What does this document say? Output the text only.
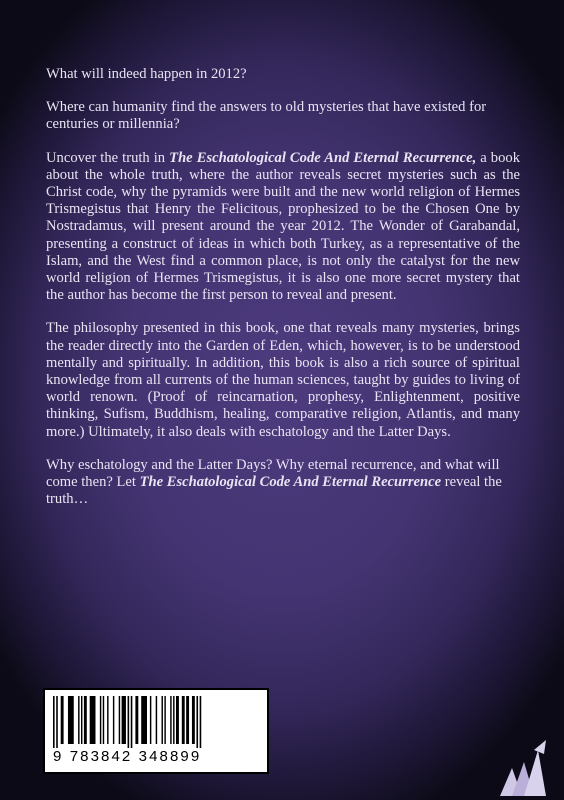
What will indeed happen in 2012?

Where can humanity find the answers to old mysteries that have existed for centuries or millennia?

Uncover the truth in The Eschatological Code And Eternal Recurrence, a book about the whole truth, where the author reveals secret mysteries such as the Christ code, why the pyramids were built and the new world religion of Hermes Trismegistus that Henry the Felicitous, prophesized to be the Chosen One by Nostradamus, will present around the year 2012. The Wonder of Garabandal, presenting a construct of ideas in which both Turkey, as a representative of the Islam, and the West find a common place, is not only the catalyst for the new world religion of Hermes Trismegistus, it is also one more secret mystery that the author has become the first person to reveal and present.

The philosophy presented in this book, one that reveals many mysteries, brings the reader directly into the Garden of Eden, which, however, is to be understood mentally and spiritually. In addition, this book is also a rich source of spiritual knowledge from all currents of the human sciences, taught by guides to living of world renown. (Proof of reincarnation, prophesy, Enlightenment, positive thinking, Sufism, Buddhism, healing, comparative religion, Atlantis, and many more.) Ultimately, it also deals with eschatology and the Latter Days.

Why eschatology and the Latter Days? Why eternal recurrence, and what will come then? Let The Eschatological Code And Eternal Recurrence reveal the truth…

9 783842 348899
